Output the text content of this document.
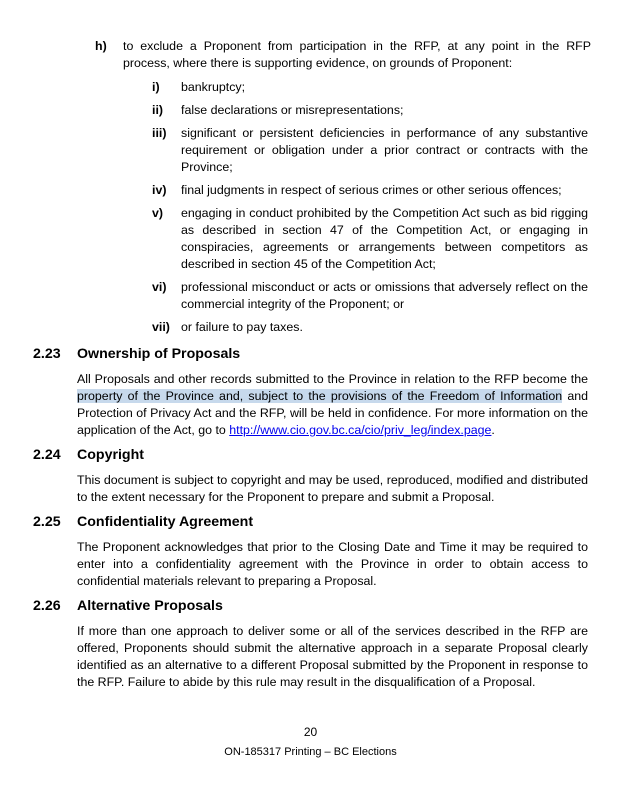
h) to exclude a Proponent from participation in the RFP, at any point in the RFP process, where there is supporting evidence, on grounds of Proponent:
i) bankruptcy;
ii) false declarations or misrepresentations;
iii) significant or persistent deficiencies in performance of any substantive requirement or obligation under a prior contract or contracts with the Province;
iv) final judgments in respect of serious crimes or other serious offences;
v) engaging in conduct prohibited by the Competition Act such as bid rigging as described in section 47 of the Competition Act, or engaging in conspiracies, agreements or arrangements between competitors as described in section 45 of the Competition Act;
vi) professional misconduct or acts or omissions that adversely reflect on the commercial integrity of the Proponent; or
vii) or failure to pay taxes.
2.23 Ownership of Proposals
All Proposals and other records submitted to the Province in relation to the RFP become the property of the Province and, subject to the provisions of the Freedom of Information and Protection of Privacy Act and the RFP, will be held in confidence. For more information on the application of the Act, go to http://www.cio.gov.bc.ca/cio/priv_leg/index.page.
2.24 Copyright
This document is subject to copyright and may be used, reproduced, modified and distributed to the extent necessary for the Proponent to prepare and submit a Proposal.
2.25 Confidentiality Agreement
The Proponent acknowledges that prior to the Closing Date and Time it may be required to enter into a confidentiality agreement with the Province in order to obtain access to confidential materials relevant to preparing a Proposal.
2.26 Alternative Proposals
If more than one approach to deliver some or all of the services described in the RFP are offered, Proponents should submit the alternative approach in a separate Proposal clearly identified as an alternative to a different Proposal submitted by the Proponent in response to the RFP. Failure to abide by this rule may result in the disqualification of a Proposal.
20
ON-185317 Printing – BC Elections
